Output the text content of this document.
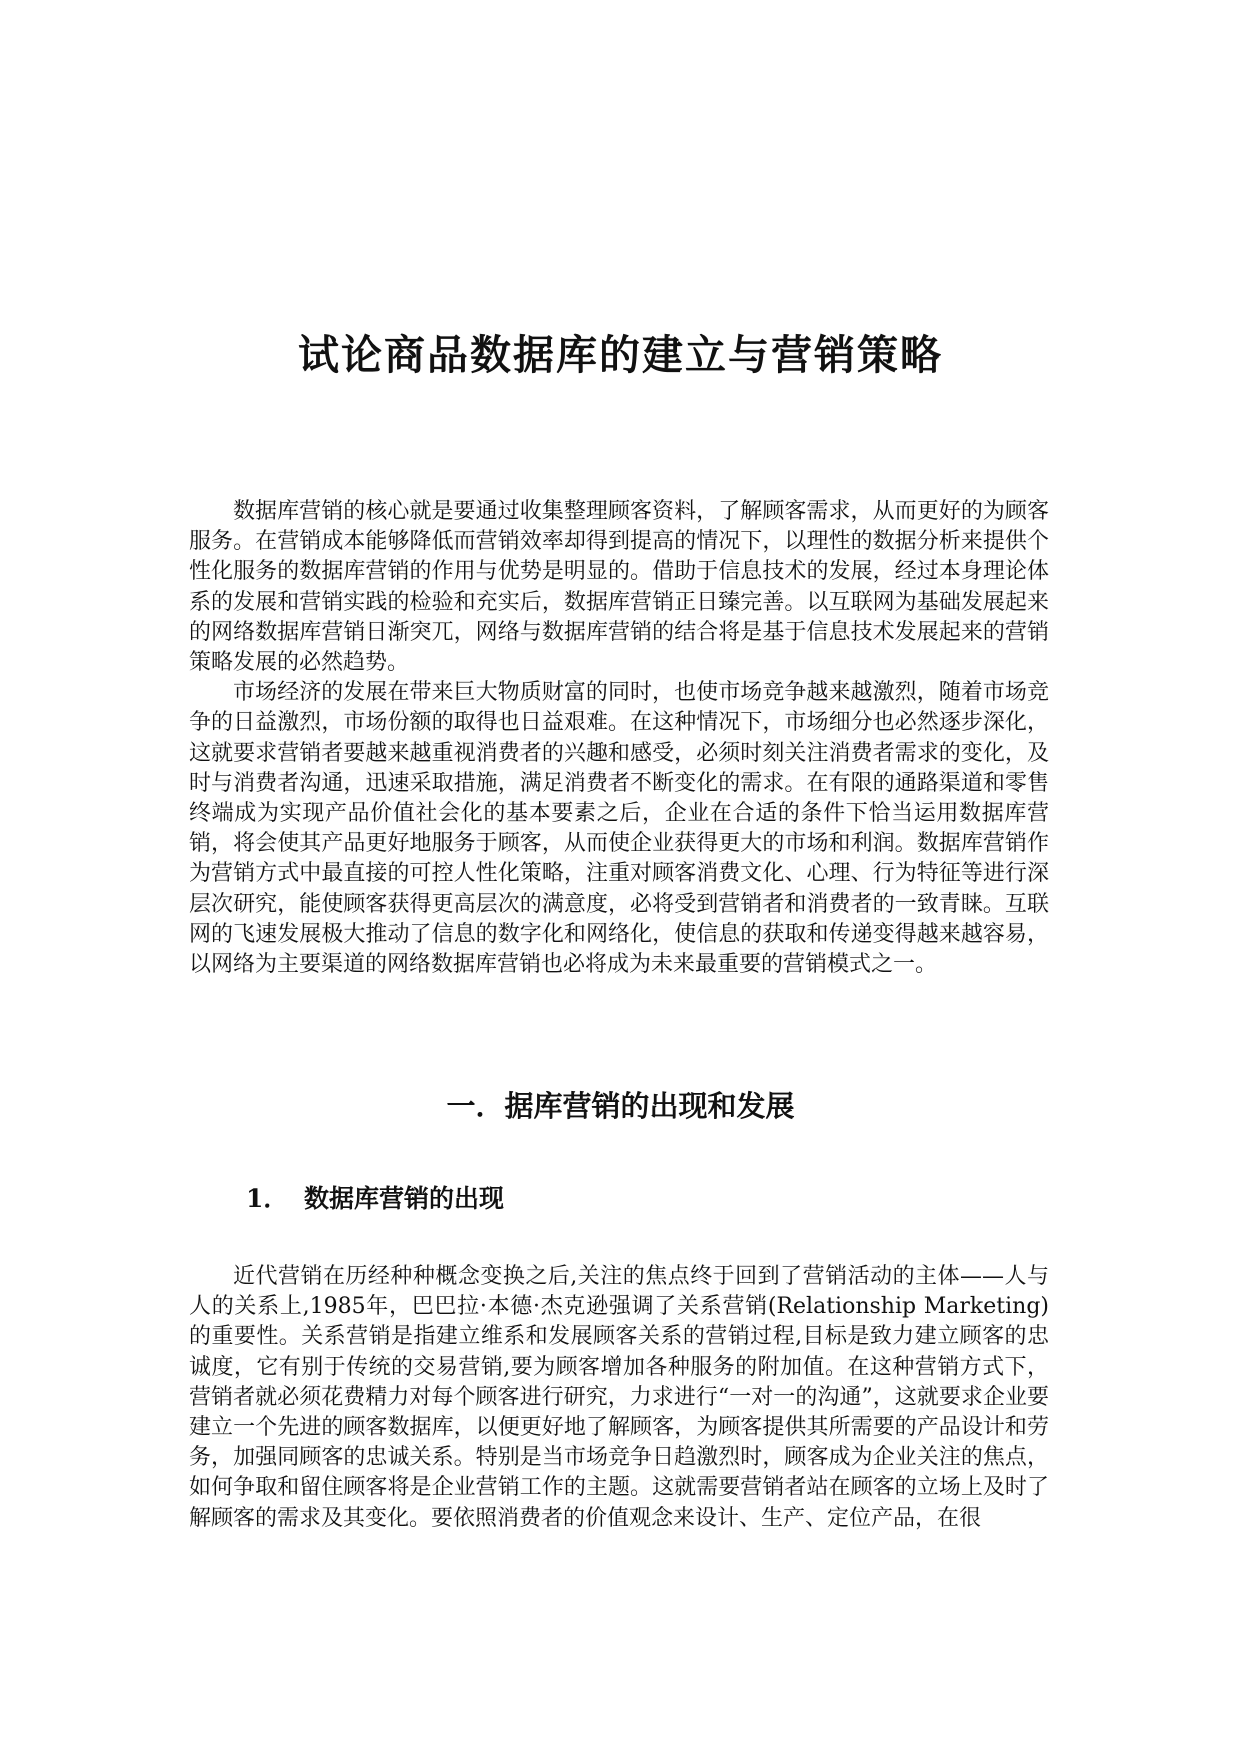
试论商品数据库的建立与营销策略

数据库营销的核心就是要通过收集整理顾客资料，了解顾客需求，从而更好的为顾客服务。在营销成本能够降低而营销效率却得到提高的情况下，以理性的数据分析来提供个性化服务的数据库营销的作用与优势是明显的。借助于信息技术的发展，经过本身理论体系的发展和营销实践的检验和充实后，数据库营销正日臻完善。以互联网为基础发展起来的网络数据库营销日渐突兀，网络与数据库营销的结合将是基于信息技术发展起来的营销策略发展的必然趋势。

市场经济的发展在带来巨大物质财富的同时，也使市场竞争越来越激烈，随着市场竞争的日益激烈，市场份额的取得也日益艰难。在这种情况下，市场细分也必然逐步深化，这就要求营销者要越来越重视消费者的兴趣和感受，必须时刻关注消费者需求的变化，及时与消费者沟通，迅速采取措施，满足消费者不断变化的需求。在有限的通路渠道和零售终端成为实现产品价值社会化的基本要素之后，企业在合适的条件下恰当运用数据库营销，将会使其产品更好地服务于顾客，从而使企业获得更大的市场和利润。数据库营销作为营销方式中最直接的可控人性化策略，注重对顾客消费文化、心理、行为特征等进行深层次研究，能使顾客获得更高层次的满意度，必将受到营销者和消费者的一致青睐。互联网的飞速发展极大推动了信息的数字化和网络化，使信息的获取和传递变得越来越容易，以网络为主要渠道的网络数据库营销也必将成为未来最重要的营销模式之一。

一．据库营销的出现和发展
1． 数据库营销的出现

近代营销在历经种种概念变换之后,关注的焦点终于回到了营销活动的主体——人与人的关系上,1985年，巴巴拉·本德·杰克逊强调了关系营销(Relationship Marketing)的重要性。关系营销是指建立维系和发展顾客关系的营销过程,目标是致力建立顾客的忠诚度，它有别于传统的交易营销,要为顾客增加各种服务的附加值。在这种营销方式下，营销者就必须花费精力对每个顾客进行研究，力求进行“一对一的沟通”，这就要求企业要建立一个先进的顾客数据库，以便更好地了解顾客，为顾客提供其所需要的产品设计和劳务，加强同顾客的忠诚关系。特别是当市场竞争日趋激烈时，顾客成为企业关注的焦点，如何争取和留住顾客将是企业营销工作的主题。这就需要营销者站在顾客的立场上及时了解顾客的需求及其变化。要依照消费者的价值观念来设计、生产、定位产品，在很
